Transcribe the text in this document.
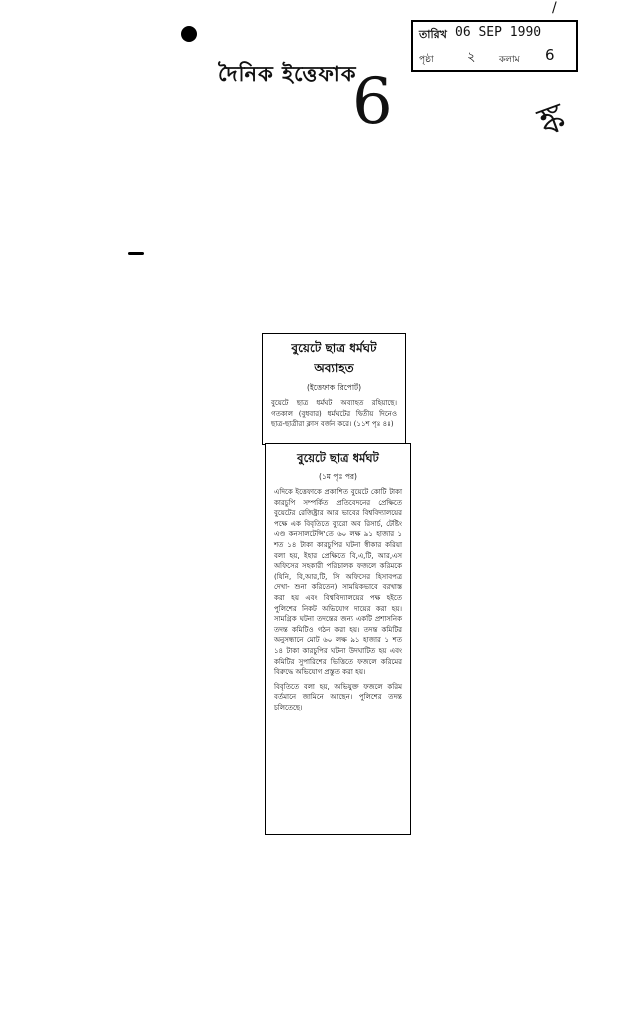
দৈনিক ইত্তেফাক
6
/
তারিখ 06 SEP 1990
পৃষ্ঠা	২	কলাম 6
ঙ্ক
বুয়েটে ছাত্র ধর্মঘট
অব্যাহত
(ইত্তেফাক রিপোর্ট)
বুয়েটে ছাত্র ধর্মঘট অব্যাহত রহিয়াছে। গতকাল (বুধবার) ধর্মঘটের দ্বিতীয় দিনেও ছাত্র-ছাত্রীরা ক্লাস বর্জন করে। (১১শ পৃঃ ৪ঃ)
বুয়েটে ছাত্র ধর্মঘট
(১ম পৃঃ পর)
এদিকে ইত্তেফাকে প্রকাশিত বুয়েটে কোটি টাকা কারচুপি সম্পর্কিত প্রতিবেদনের প্রেক্ষিতে বুয়েটের রেজিষ্ট্রার আর ভাবের বিশ্ববিদ্যালয়ের পক্ষে এক বিবৃতিতে ব্যুরো অব রিসার্চ, টেষ্টিং এণ্ড কনসালটেন্সি'তে ৬০ লক্ষ ৯১ হাজার ১ শত ১৪ টাকা কারচুপির ঘটনা স্বীকার করিয়া বলা হয়, ইহার প্রেক্ষিতে বি,এ,টি, আর,এস অফিসের সহকারী পরিচালক ফজলে করিমকে (যিনি, বি,আর,টি, সি অফিসের হিসাবপত্র দেখা- শুনা করিতেন) সাময়িকভাবে বরখাস্ত করা হয় এবং বিশ্ববিদ্যালয়ের পক্ষ হইতে পুলিশের নিকট অভিযোগ দায়ের করা হয়। সামগ্রিক ঘটনা তদন্তের জন্য একটি প্রশাসনিক তদন্ত কমিটিও গঠন করা হয়। তদন্ত কমিটির অনুসন্ধানে মোট ৬০ লক্ষ ৯১ হাজার ১ শত ১৪ টাকা কারচুপির ঘটনা উদঘাটিত হয় এবং কমিটির সুপারিশের ভিত্তিতে ফজলে করিমের বিরুদ্ধে অভিযোগ প্রস্তুত করা হয়।
বিবৃতিতে বলা হয়, অভিযুক্ত ফজলে করিম বর্তমানে জামিনে আছেন। পুলিশের তদন্ত চলিতেছে।
